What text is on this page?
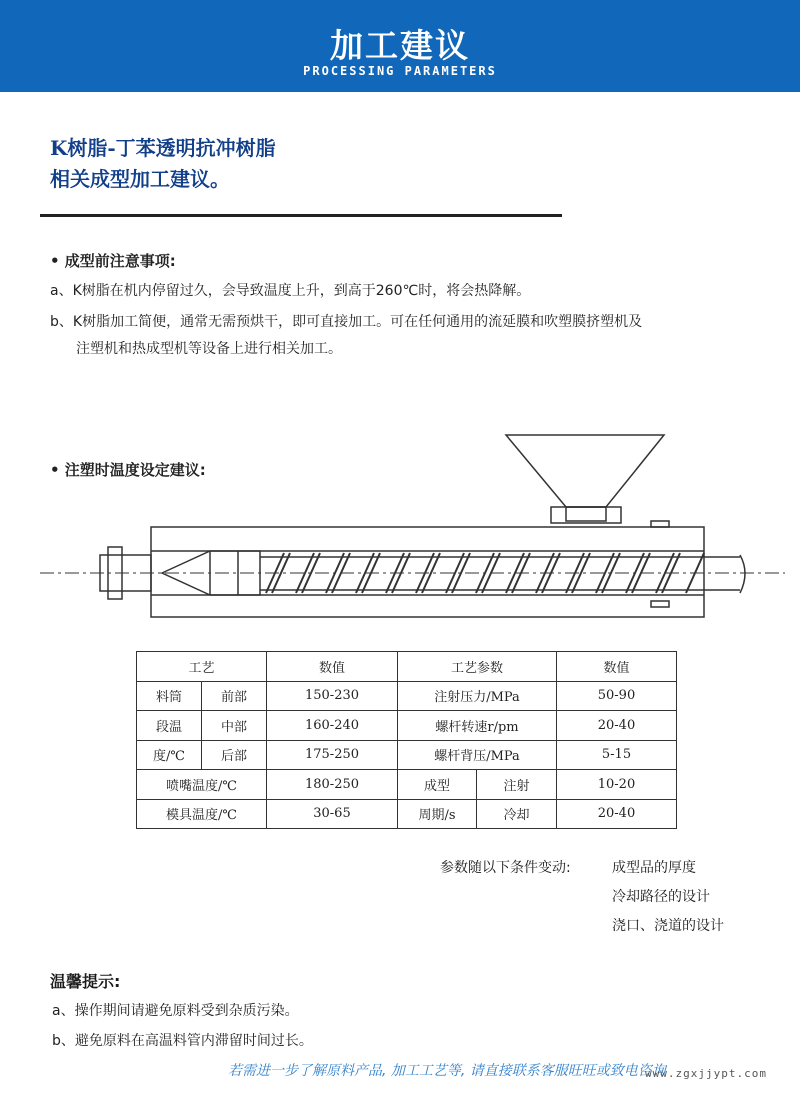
加工建议
PROCESSING PARAMETERS
K树脂-丁苯透明抗冲树脂
相关成型加工建议。
• 成型前注意事项:
a、K树脂在机内停留过久，会导致温度上升，到高于260℃时，将会热降解。
b、K树脂加工简便，通常无需预烘干，即可直接加工。可在任何通用的流延膜和吹塑膜挤塑机及
注塑机和热成型机等设备上进行相关加工。
• 注塑时温度设定建议:
工艺		数值	工艺参数		数值
料筒	前部	150-230	注射压力/MPa		50-90
段温	中部	160-240	螺杆转速r/pm		20-40
度/℃	后部	175-250	螺杆背压/MPa		5-15
喷嘴温度/℃		180-250	成型	注射	10-20
模具温度/℃		30-65	周期/s	冷却	20-40
参数随以下条件变动:	成型品的厚度
冷却路径的设计
浇口、浇道的设计
温馨提示:
a、操作期间请避免原料受到杂质污染。
b、避免原料在高温料管内滞留时间过长。
若需进一步了解原料产品, 加工工艺等, 请直接联系客服旺旺或致电咨询
www.zgxjjypt.com
